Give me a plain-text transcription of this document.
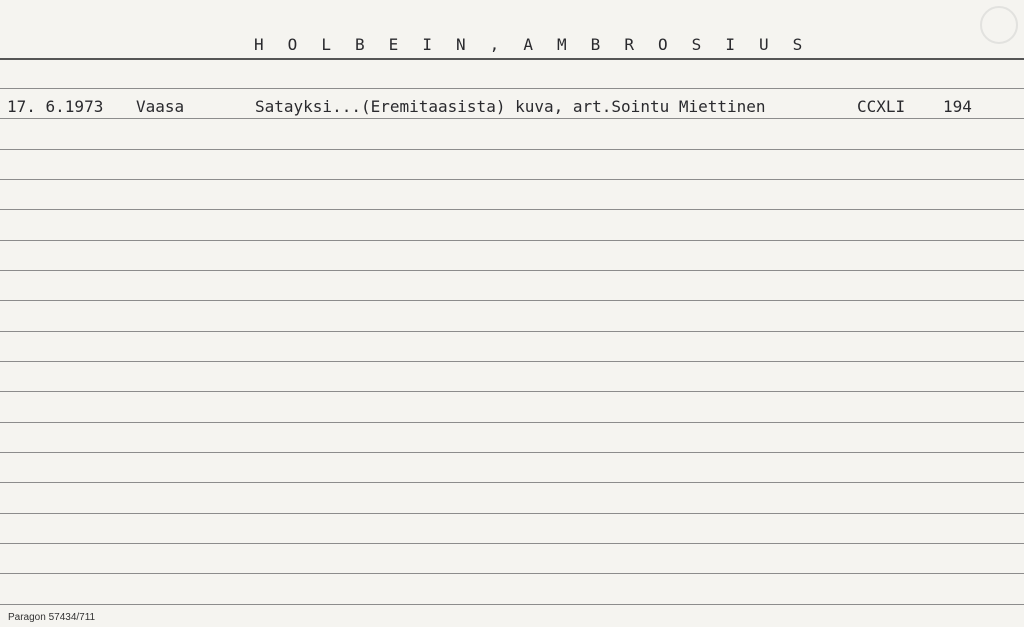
H O L B E I N , A M B R O S I U S
17. 6.1973 Vaasa	Satayksi...(Eremitaasista) kuva, art.Sointu Miettinen	CCXLI 194
Paragon 57434/711
